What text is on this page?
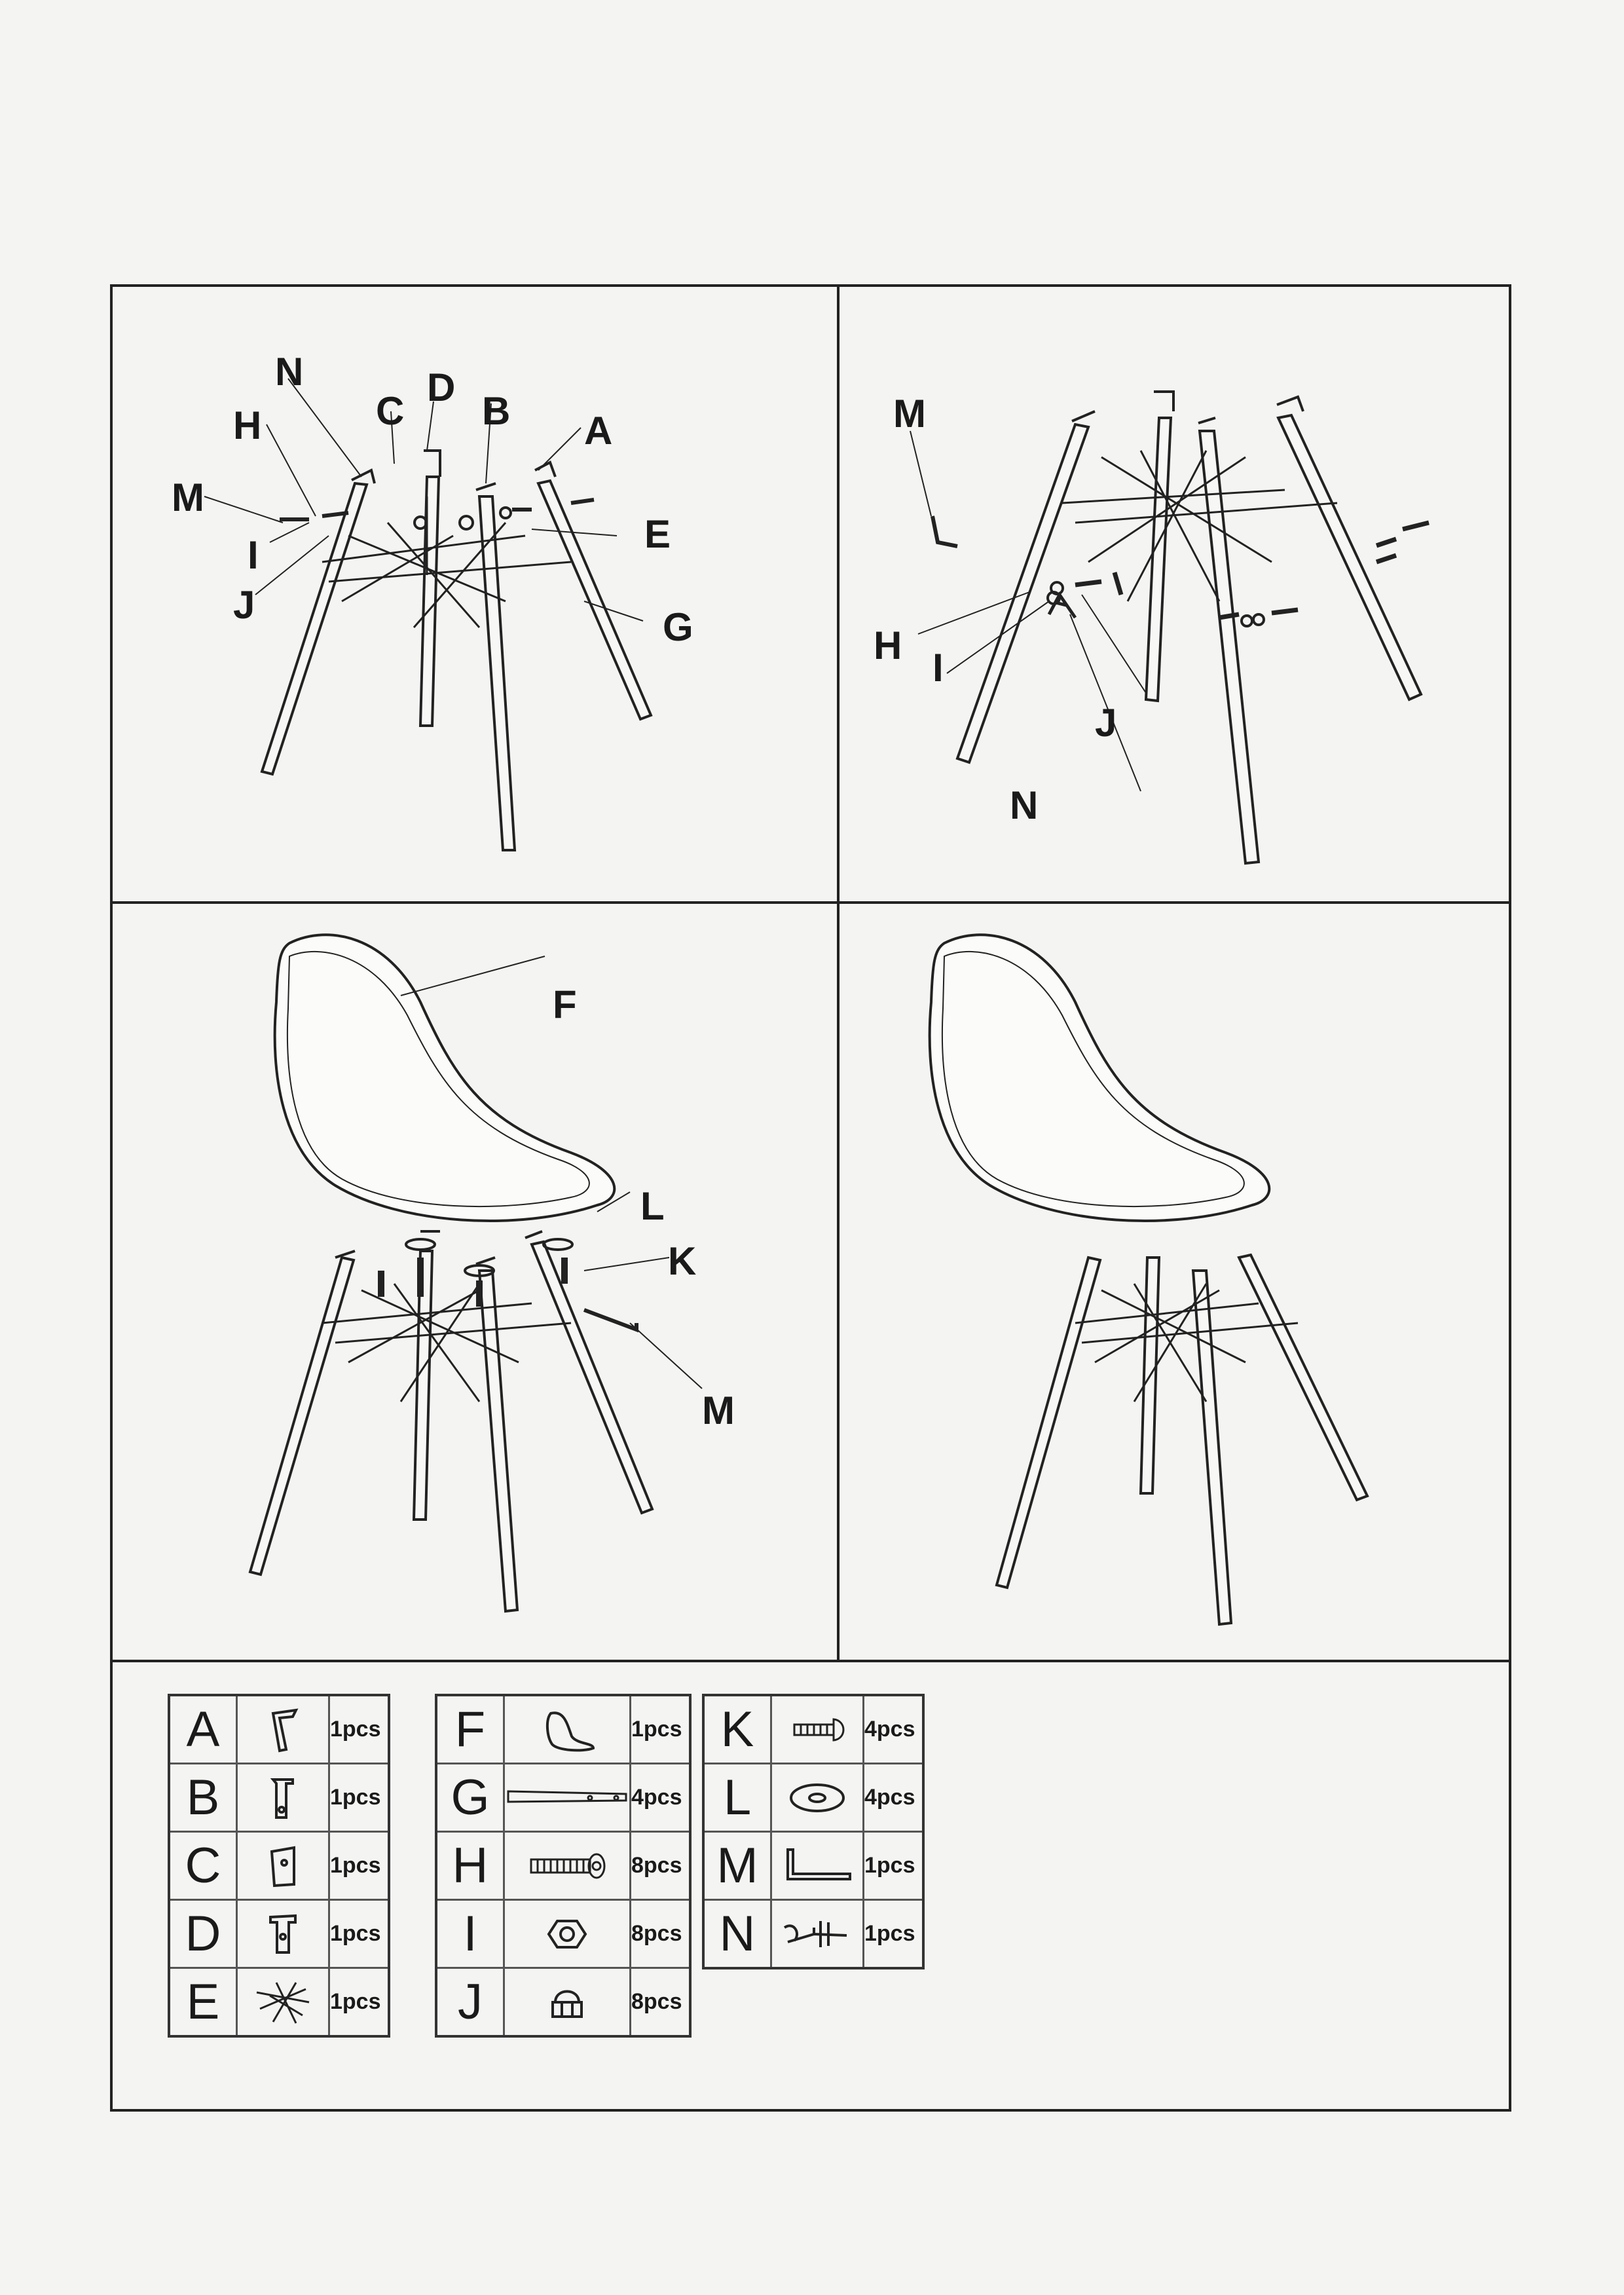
N	D
C B A
H
M
I
J
E
G
M
H
I
J
N
F
L
K
M
A		1pcs
B		1pcs
C		1pcs
D		1pcs
E		1pcs
F		1pcs
G		4pcs
H		8pcs
I		8pcs
J		8pcs
K		4pcs
L		4pcs
M		1pcs
N		1pcs
